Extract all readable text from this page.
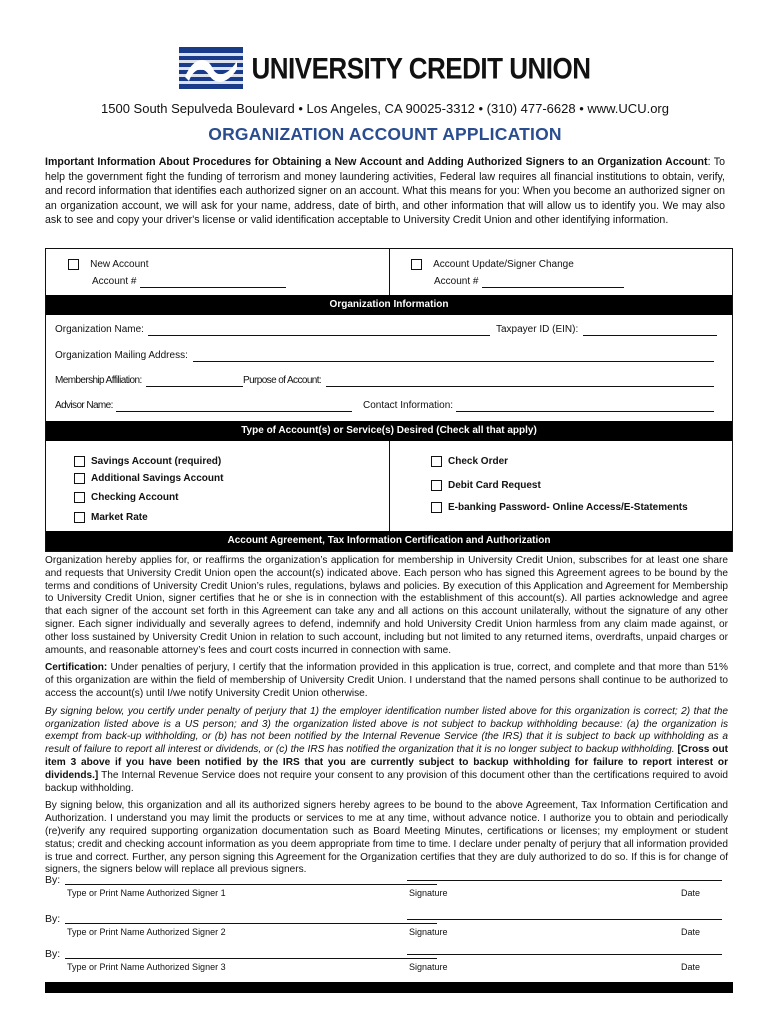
UNIVERSITY CREDIT UNION
1500 South Sepulveda Boulevard • Los Angeles, CA 90025-3312 • (310) 477-6628 • www.UCU.org
ORGANIZATION ACCOUNT APPLICATION
Important Information About Procedures for Obtaining a New Account and Adding Authorized Signers to an Organization Account: To help the government fight the funding of terrorism and money laundering activities, Federal law requires all financial institutions to obtain, verify, and record information that identifies each authorized signer on an account. What this means for you: When you become an authorized signer on an organization account, we will ask for your name, address, date of birth, and other information that will allow us to identify you. We may also ask to see and copy your driver's license or valid identification acceptable to University Credit Union and other identifying information.
New Account
Account #
Account Update/Signer Change
Account #
Organization Information
Organization Name:	Taxpayer ID (EIN):
Organization Mailing Address:
Membership Affiliation:	Purpose of Account:
Advisor Name:	Contact Information:
Type of Account(s) or Service(s) Desired (Check all that apply)
Savings Account (required)
Additional Savings Account
Checking Account
Market Rate
Check Order
Debit Card Request
E-banking Password- Online Access/E-Statements
Account Agreement, Tax Information Certification and Authorization

Organization hereby applies for, or reaffirms the organization’s application for membership in University Credit Union, subscribes for at least one share and requests that University Credit Union open the account(s) indicated above. Each person who has signed this Agreement agrees to be bound by the terms and conditions of University Credit Union’s rules, regulations, bylaws and policies. By execution of this Application and Agreement for Membership to University Credit Union, signer certifies that he or she is in connection with the establishment of this account(s). All parties acknowledge and agree that each signer of the account set forth in this Agreement can take any and all actions on this account unilaterally, without the signature of any other signer. Each signer individually and severally agrees to defend, indemnify and hold University Credit Union harmless from any claim made against, or other loss sustained by University Credit Union in relation to such account, including but not limited to any returned items, overdrafts, unpaid charges or amounts, and reasonable attorney’s fees and court costs incurred in connection with same.

Certification: Under penalties of perjury, I certify that the information provided in this application is true, correct, and complete and that more than 51% of this organization are within the field of membership of University Credit Union. I understand that the named persons shall continue to be authorized to access the account(s) until I/we notify University Credit Union otherwise.

By signing below, you certify under penalty of perjury that 1) the employer identification number listed above for this organization is correct; 2) that the organization listed above is a US person; and 3) the organization listed above is not subject to backup withholding because: (a) the organization is exempt from back-up withholding, or (b) has not been notified by the Internal Revenue Service (the IRS) that it is subject to back up withholding as a result of failure to report all interest or dividends, or (c) the IRS has notified the organization that it is no longer subject to backup withholding. [Cross out item 3 above if you have been notified by the IRS that you are currently subject to backup withholding for failure to report interest or dividends.] The Internal Revenue Service does not require your consent to any provision of this document other than the certifications required to avoid backup withholding.

By signing below, this organization and all its authorized signers hereby agrees to be bound to the above Agreement, Tax Information Certification and Authorization. I understand you may limit the products or services to me at any time, without advance notice. I authorize you to obtain and periodically (re)verify any required supporting organization documentation such as Board Meeting Minutes, certifications or licenses; my employment or student status; credit and checking account information as you deem appropriate from time to time. I declare under penalty of perjury that all information provided is true and correct. Further, any person signing this Agreement for the Organization certifies that they are duly authorized to do so. If this is for change of signers, the signers below will replace all previous signers.

By:
Type or Print Name Authorized Signer 1	Signature	Date
By:
Type or Print Name Authorized Signer 2	Signature	Date
By:
Type or Print Name Authorized Signer 3	Signature	Date
